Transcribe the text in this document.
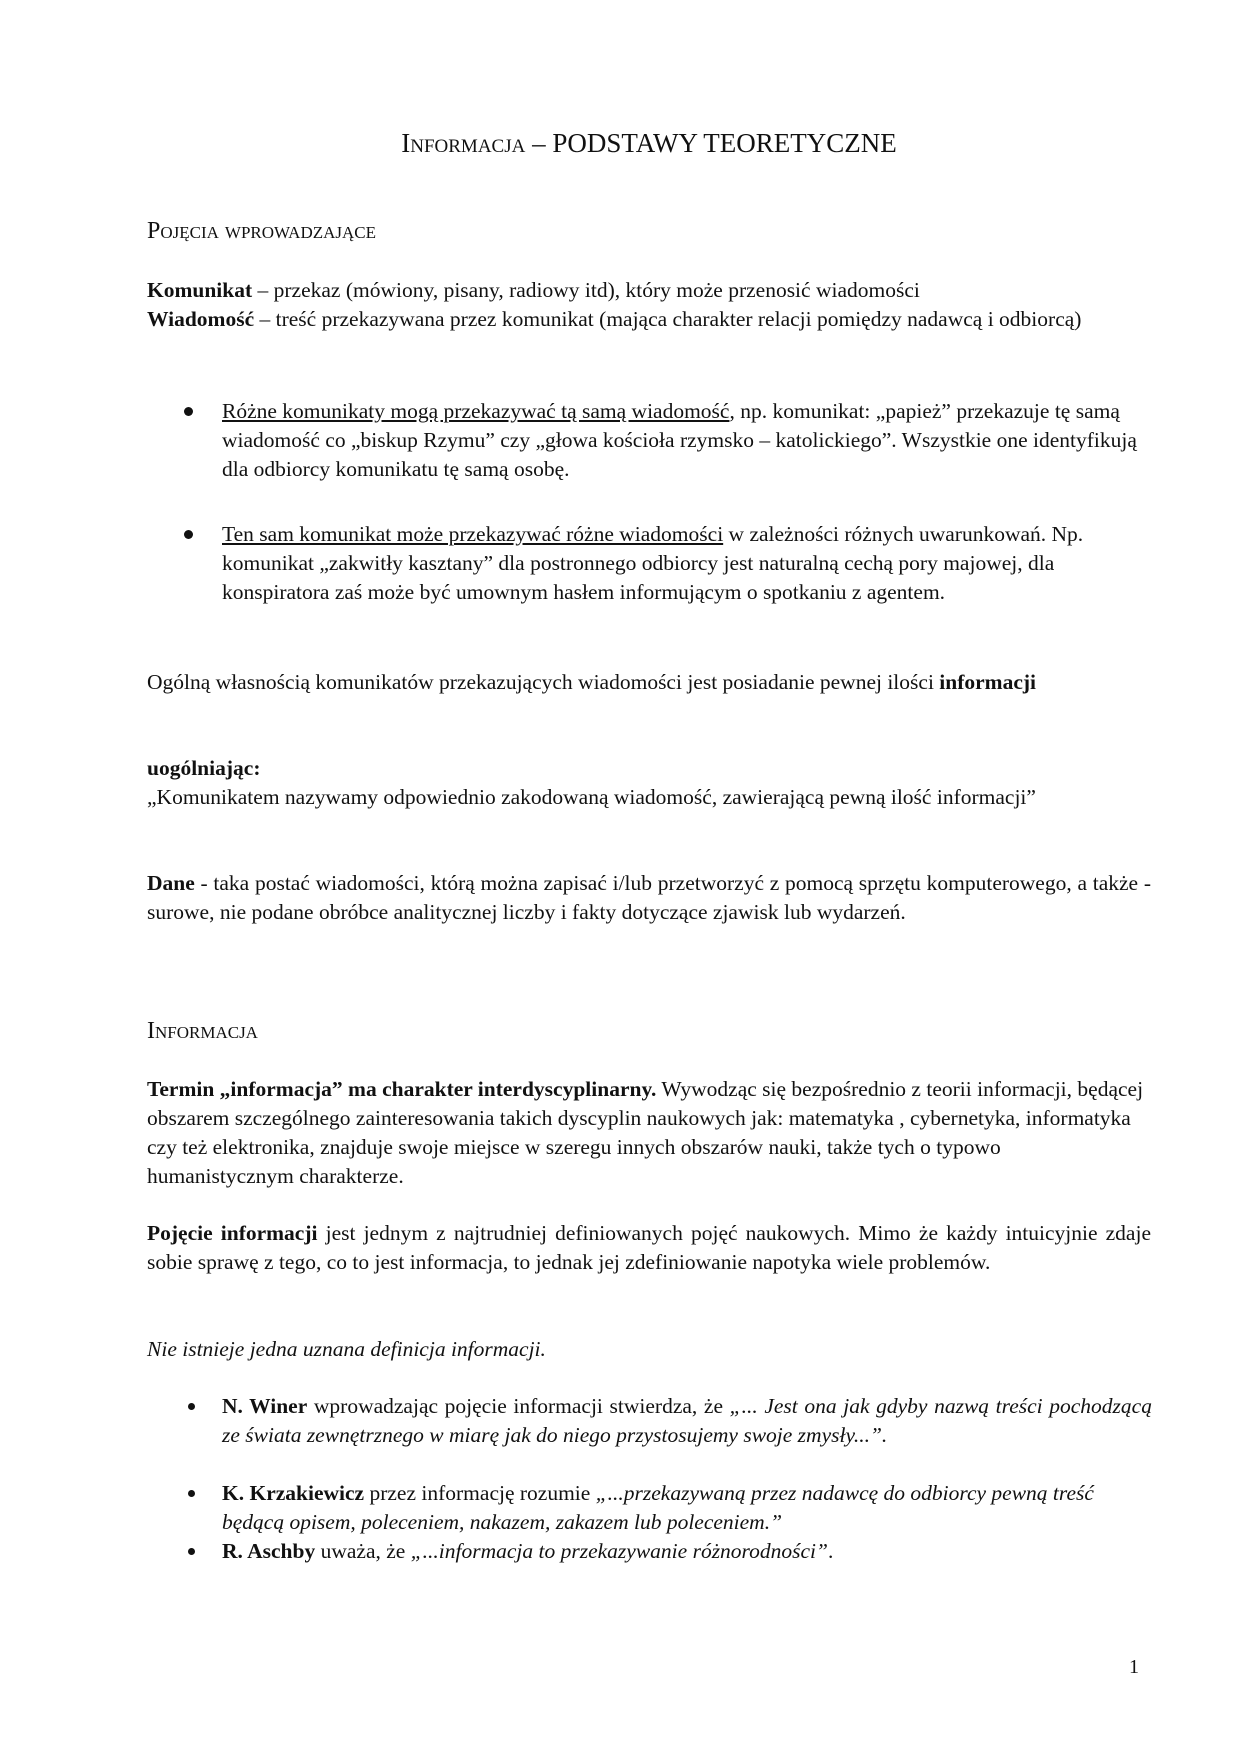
Informacja – PODSTAWY TEORETYCZNE
Pojęcia wprowadzające
Komunikat – przekaz (mówiony, pisany, radiowy itd), który może przenosić wiadomości
Wiadomość – treść przekazywana przez komunikat (mająca charakter relacji pomiędzy nadawcą i odbiorcą)
Różne komunikaty mogą przekazywać tą samą wiadomość, np. komunikat: „papież” przekazuje tę samą wiadomość co „biskup Rzymu” czy „głowa kościoła rzymsko – katolickiego”. Wszystkie one identyfikują dla odbiorcy komunikatu tę samą osobę.
Ten sam komunikat może przekazywać różne wiadomości w zależności różnych uwarunkowań. Np. komunikat „zakwitły kasztany” dla postronnego odbiorcy jest naturalną cechą pory majowej, dla konspiratora zaś może być umownym hasłem informującym o spotkaniu z agentem.
Ogólną własnością komunikatów przekazujących wiadomości jest posiadanie pewnej ilości informacji
uogólniając:
„Komunikatem nazywamy odpowiednio zakodowaną wiadomość, zawierającą pewną ilość informacji”
Dane - taka postać wiadomości, którą można zapisać i/lub przetworzyć z pomocą sprzętu komputerowego, a także - surowe, nie podane obróbce analitycznej liczby i fakty dotyczące zjawisk lub wydarzeń.
Informacja
Termin „informacja” ma charakter interdyscyplinarny. Wywodząc się bezpośrednio z teorii informacji, będącej obszarem szczególnego zainteresowania takich dyscyplin naukowych jak: matematyka , cybernetyka, informatyka czy też elektronika, znajduje swoje miejsce w szeregu innych obszarów nauki, także tych o typowo humanistycznym charakterze.
Pojęcie informacji jest jednym z najtrudniej definiowanych pojęć naukowych. Mimo że każdy intuicyjnie zdaje sobie sprawę z tego, co to jest informacja, to jednak jej zdefiniowanie napotyka wiele problemów.
Nie istnieje jedna uznana definicja informacji.
N. Winer wprowadzając pojęcie informacji stwierdza, że „... Jest ona jak gdyby nazwą treści pochodzącą ze świata zewnętrznego w miarę jak do niego przystosujemy swoje zmysły...”.
K. Krzakiewicz przez informację rozumie „...przekazywaną przez nadawcę do odbiorcy pewną treść będącą opisem, poleceniem, nakazem, zakazem lub poleceniem.”
R. Aschby uważa, że „...informacja to przekazywanie różnorodności”.
1
